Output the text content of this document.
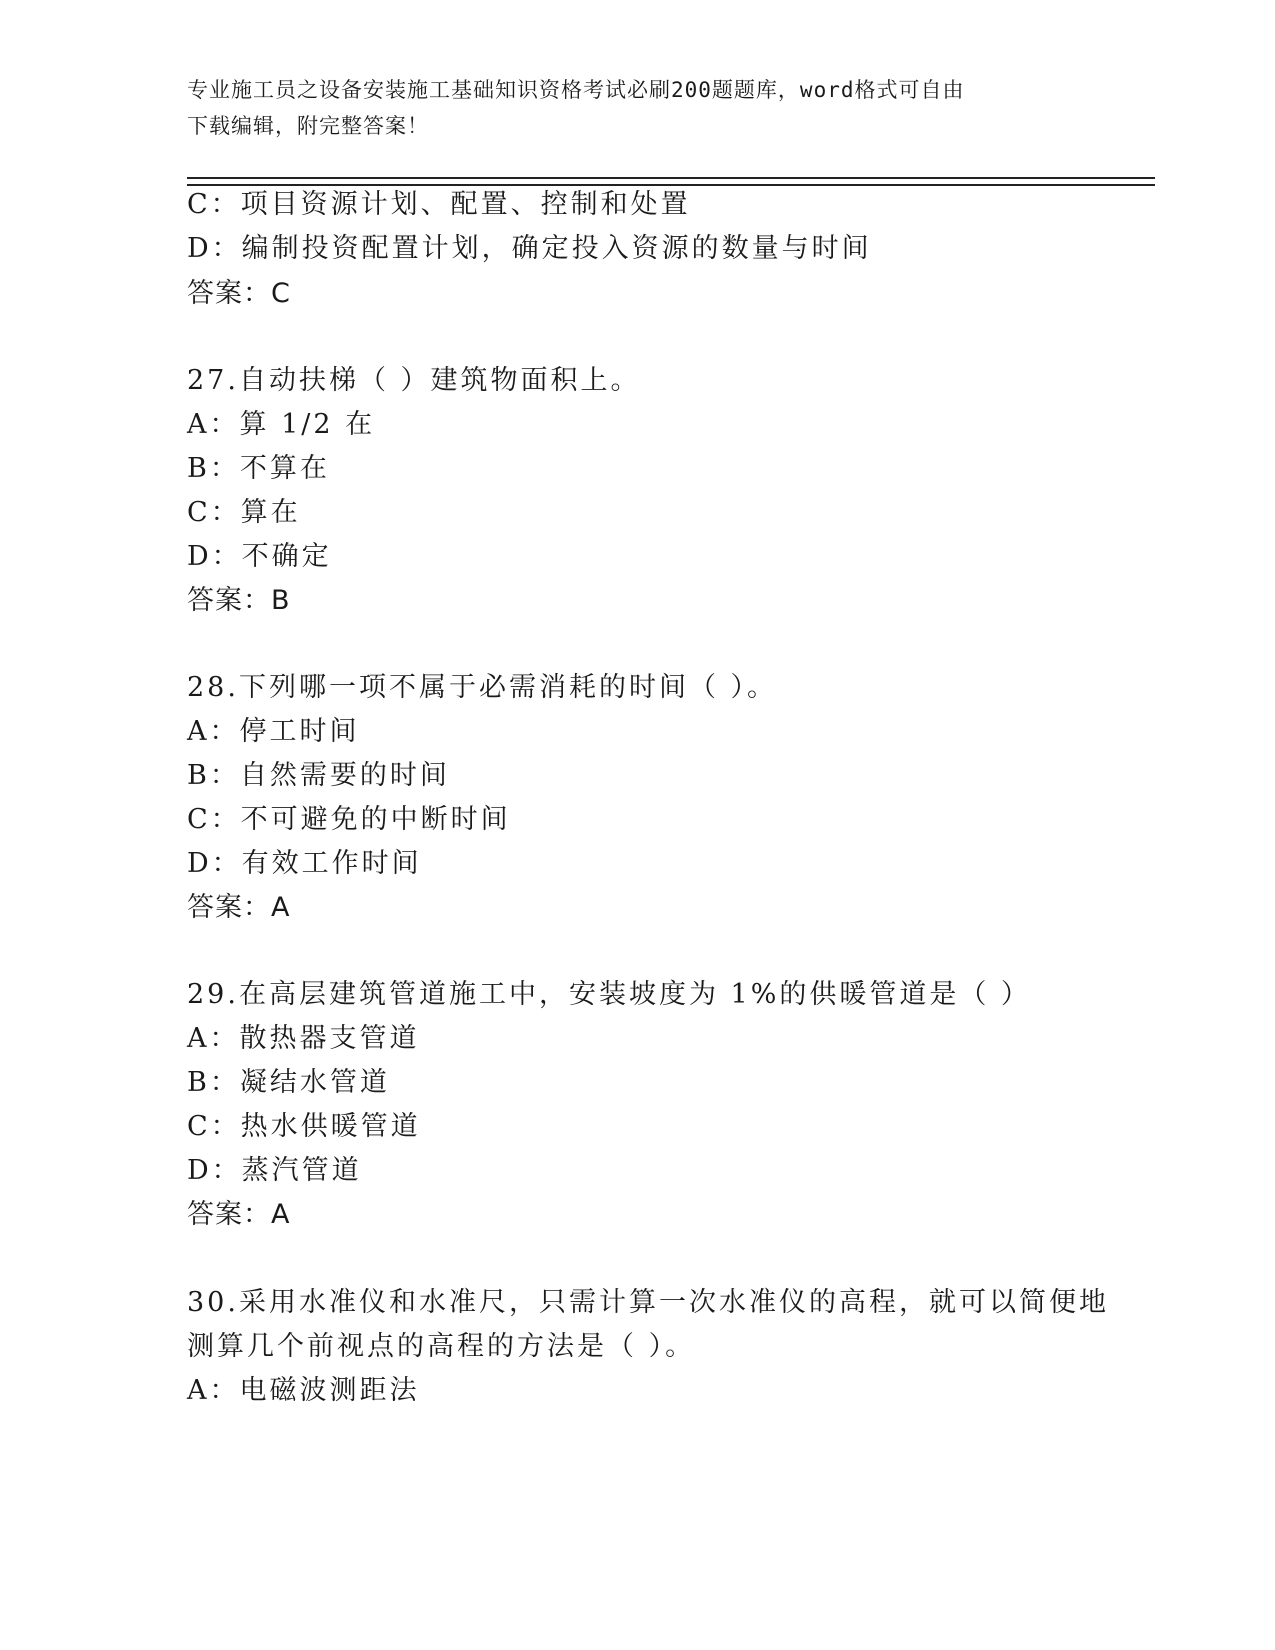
专业施工员之设备安装施工基础知识资格考试必刷200题题库，word格式可自由
下载编辑，附完整答案！
C：项目资源计划、配置、控制和处置
D：编制投资配置计划，确定投入资源的数量与时间
答案：C
27.自动扶梯（ ）建筑物面积上。
A：算 1/2 在
B：不算在
C：算在
D：不确定
答案：B
28.下列哪一项不属于必需消耗的时间（ ）。
A：停工时间
B：自然需要的时间
C：不可避免的中断时间
D：有效工作时间
答案：A
29.在高层建筑管道施工中，安装坡度为 1%的供暖管道是（ ）
A：散热器支管道
B：凝结水管道
C：热水供暖管道
D：蒸汽管道
答案：A
30.采用水准仪和水准尺，只需计算一次水准仪的高程，就可以简便地
测算几个前视点的高程的方法是（ ）。
A：电磁波测距法
